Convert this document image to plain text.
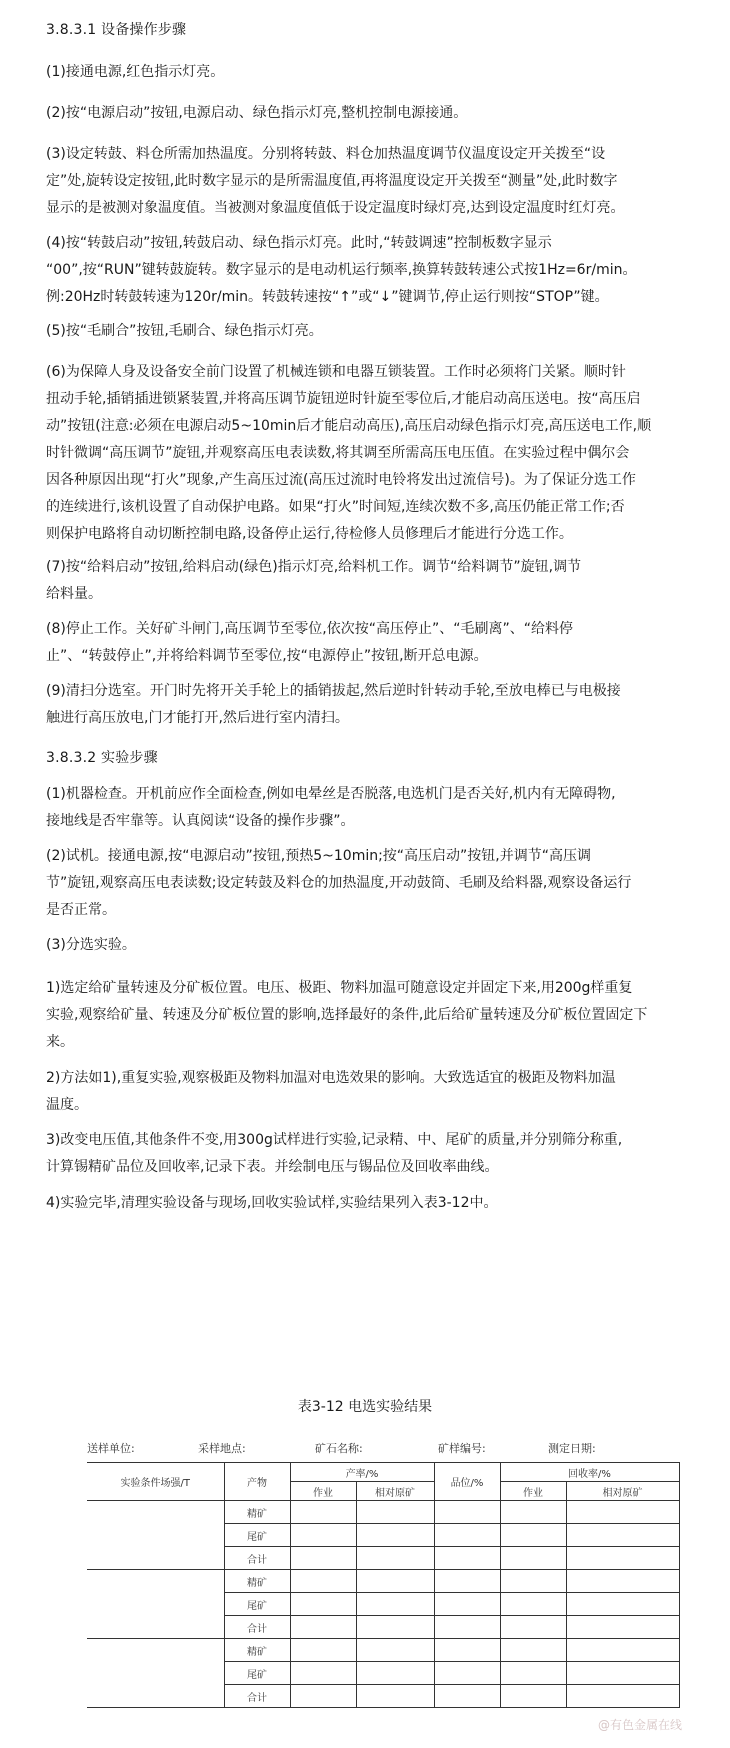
3.8.3.1 设备操作步骤
(1)接通电源,红色指示灯亮。
(2)按“电源启动”按钮,电源启动、绿色指示灯亮,整机控制电源接通。
(3)设定转鼓、料仓所需加热温度。分别将转鼓、料仓加热温度调节仪温度设定开关拨至“设
定”处,旋转设定按钮,此时数字显示的是所需温度值,再将温度设定开关拨至“测量”处,此时数字
显示的是被测对象温度值。当被测对象温度值低于设定温度时绿灯亮,达到设定温度时红灯亮。
(4)按“转鼓启动”按钮,转鼓启动、绿色指示灯亮。此时,“转鼓调速”控制板数字显示
“00”,按“RUN”键转鼓旋转。数字显示的是电动机运行频率,换算转鼓转速公式按1Hz=6r/min。
例:20Hz时转鼓转速为120r/min。转鼓转速按“↑”或“↓”键调节,停止运行则按“STOP”键。
(5)按“毛刷合”按钮,毛刷合、绿色指示灯亮。
(6)为保障人身及设备安全前门设置了机械连锁和电器互锁装置。工作时必须将门关紧。顺时针
扭动手轮,插销插进锁紧装置,并将高压调节旋钮逆时针旋至零位后,才能启动高压送电。按“高压启
动”按钮(注意:必须在电源启动5~10min后才能启动高压),高压启动绿色指示灯亮,高压送电工作,顺
时针微调“高压调节”旋钮,并观察高压电表读数,将其调至所需高压电压值。在实验过程中偶尔会
因各种原因出现“打火”现象,产生高压过流(高压过流时电铃将发出过流信号)。为了保证分选工作
的连续进行,该机设置了自动保护电路。如果“打火”时间短,连续次数不多,高压仍能正常工作;否
则保护电路将自动切断控制电路,设备停止运行,待检修人员修理后才能进行分选工作。
(7)按“给料启动”按钮,给料启动(绿色)指示灯亮,给料机工作。调节“给料调节”旋钮,调节
给料量。
(8)停止工作。关好矿斗闸门,高压调节至零位,依次按“高压停止”、“毛刷离”、“给料停
止”、“转鼓停止”,并将给料调节至零位,按“电源停止”按钮,断开总电源。
(9)清扫分选室。开门时先将开关手轮上的插销拔起,然后逆时针转动手轮,至放电棒已与电极接
触进行高压放电,门才能打开,然后进行室内清扫。
3.8.3.2 实验步骤
(1)机器检查。开机前应作全面检查,例如电晕丝是否脱落,电选机门是否关好,机内有无障碍物,
接地线是否牢靠等。认真阅读“设备的操作步骤”。
(2)试机。接通电源,按“电源启动”按钮,预热5~10min;按“高压启动”按钮,并调节“高压调
节”旋钮,观察高压电表读数;设定转鼓及料仓的加热温度,开动鼓筒、毛刷及给料器,观察设备运行
是否正常。
(3)分选实验。
1)选定给矿量转速及分矿板位置。电压、极距、物料加温可随意设定并固定下来,用200g样重复
实验,观察给矿量、转速及分矿板位置的影响,选择最好的条件,此后给矿量转速及分矿板位置固定下
来。
2)方法如1),重复实验,观察极距及物料加温对电选效果的影响。大致选适宜的极距及物料加温
温度。
3)改变电压值,其他条件不变,用300g试样进行实验,记录精、中、尾矿的质量,并分别筛分称重,
计算锡精矿品位及回收率,记录下表。并绘制电压与锡品位及回收率曲线。
4)实验完毕,清理实验设备与现场,回收实验试样,实验结果列入表3-12中。
表3-12 电选实验结果
送样单位:	采样地点:	矿石名称:	矿样编号:	测定日期:
实验条件场强/T	产物	产率/%		品位/%	回收率/%	
		作业	相对原矿		作业	相对原矿
	精矿					
	尾矿					
	合计					
	精矿					
	尾矿					
	合计					
	精矿					
	尾矿					
	合计					
@有色金属在线
